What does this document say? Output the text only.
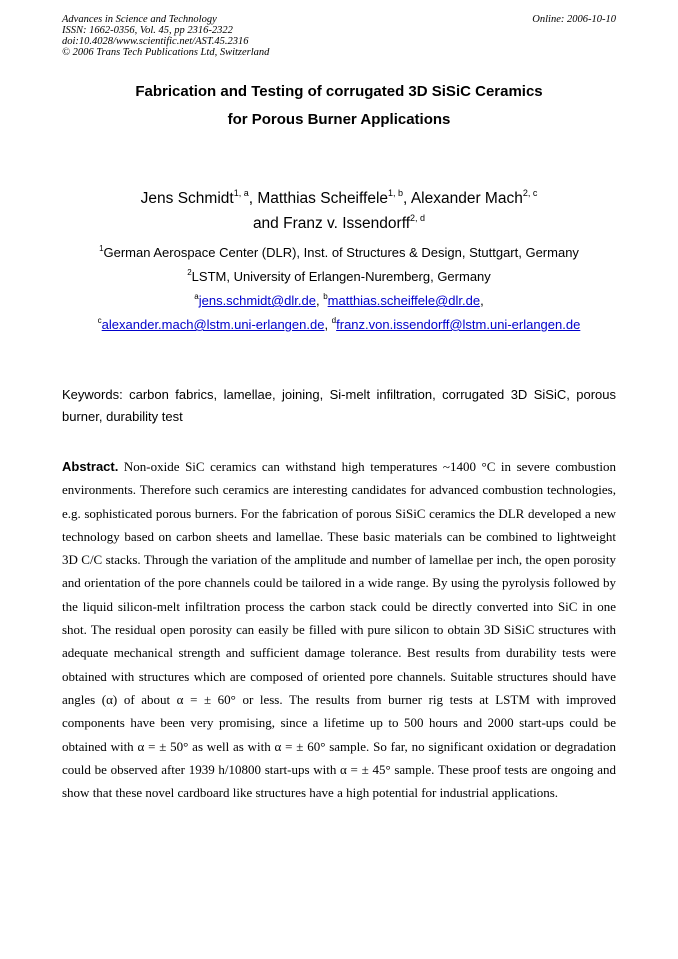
Advances in Science and Technology
ISSN: 1662-0356, Vol. 45, pp 2316-2322
doi:10.4028/www.scientific.net/AST.45.2316
© 2006 Trans Tech Publications Ltd, Switzerland
Online: 2006-10-10
Fabrication and Testing of corrugated 3D SiSiC Ceramics
for Porous Burner Applications
Jens Schmidt$^{1, a}$, Matthias Scheiffele$^{1, b}$, Alexander Mach$^{2, c}$
and Franz v. Issendorff$^{2, d}$
$^1$German Aerospace Center (DLR), Inst. of Structures & Design, Stuttgart, Germany
$^2$LSTM, University of Erlangen-Nuremberg, Germany
$^a$jens.schmidt@dlr.de, $^b$matthias.scheiffele@dlr.de,
$^c$alexander.mach@lstm.uni-erlangen.de, $^d$franz.von.issendorff@lstm.uni-erlangen.de
Keywords: carbon fabrics, lamellae, joining, Si-melt infiltration, corrugated 3D SiSiC, porous burner, durability test
Abstract. Non-oxide SiC ceramics can withstand high temperatures ~1400 °C in severe combustion environments. Therefore such ceramics are interesting candidates for advanced combustion technologies, e.g. sophisticated porous burners. For the fabrication of porous SiSiC ceramics the DLR developed a new technology based on carbon sheets and lamellae. These basic materials can be combined to lightweight 3D C/C stacks. Through the variation of the amplitude and number of lamellae per inch, the open porosity and orientation of the pore channels could be tailored in a wide range. By using the pyrolysis followed by the liquid silicon-melt infiltration process the carbon stack could be directly converted into SiC in one shot. The residual open porosity can easily be filled with pure silicon to obtain 3D SiSiC structures with adequate mechanical strength and sufficient damage tolerance. Best results from durability tests were obtained with structures which are composed of oriented pore channels. Suitable structures should have angles (α) of about α = ± 60° or less. The results from burner rig tests at LSTM with improved components have been very promising, since a lifetime up to 500 hours and 2000 start-ups could be obtained with α = ± 50° as well as with α = ± 60° sample. So far, no significant oxidation or degradation could be observed after 1939 h/10800 start-ups with α = ± 45° sample. These proof tests are ongoing and show that these novel cardboard like structures have a high potential for industrial applications.
